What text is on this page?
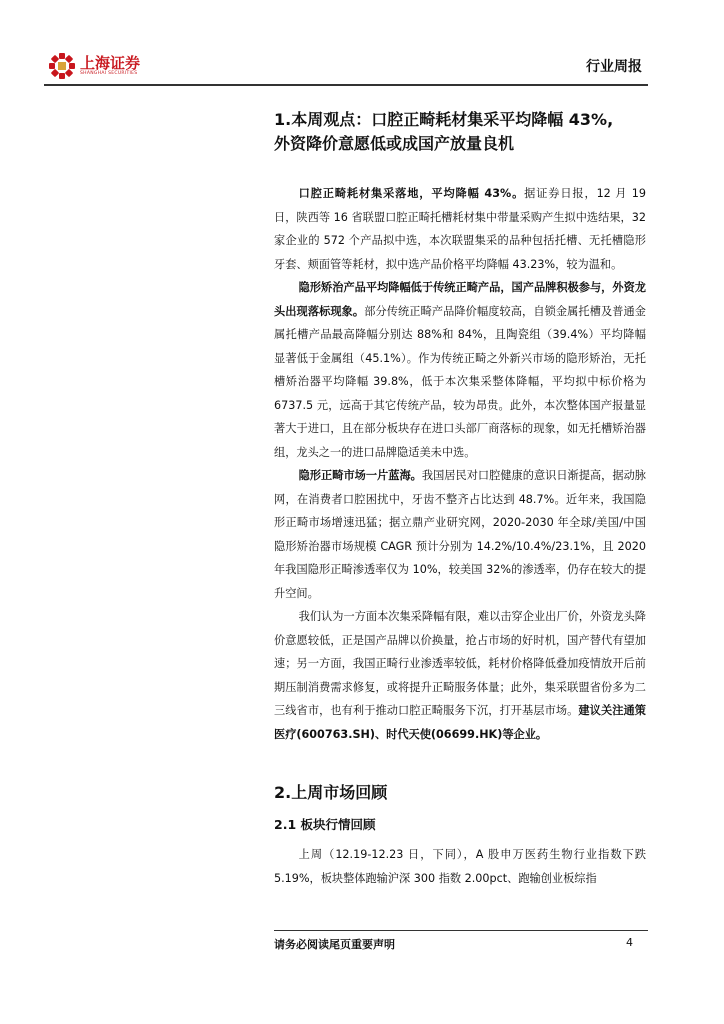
上海证券
SHANGHAI SECURITIES	行业周报
1.本周观点：口腔正畸耗材集采平均降幅 43%,
外资降价意愿低或成国产放量良机

口腔正畸耗材集采落地，平均降幅 43%。据证券日报，12 月 19 日，陕西等 16 省联盟口腔正畸托槽耗材集中带量采购产生拟中选结果，32 家企业的 572 个产品拟中选，本次联盟集采的品种包括托槽、无托槽隐形牙套、颊面管等耗材，拟中选产品价格平均降幅 43.23%，较为温和。

隐形矫治产品平均降幅低于传统正畸产品，国产品牌积极参与，外资龙头出现落标现象。部分传统正畸产品降价幅度较高，自锁金属托槽及普通金属托槽产品最高降幅分别达 88%和 84%，且陶瓷组（39.4%）平均降幅显著低于金属组（45.1%）。作为传统正畸之外新兴市场的隐形矫治，无托槽矫治器平均降幅 39.8%，低于本次集采整体降幅，平均拟中标价格为 6737.5 元，远高于其它传统产品，较为昂贵。此外，本次整体国产报量显著大于进口，且在部分板块存在进口头部厂商落标的现象，如无托槽矫治器组，龙头之一的进口品牌隐适美未中选。

隐形正畸市场一片蓝海。我国居民对口腔健康的意识日渐提高，据动脉网，在消费者口腔困扰中，牙齿不整齐占比达到 48.7%。近年来，我国隐形正畸市场增速迅猛；据立鼎产业研究网，2020-2030 年全球/美国/中国隐形矫治器市场规模 CAGR 预计分别为 14.2%/10.4%/23.1%，且 2020 年我国隐形正畸渗透率仅为 10%，较美国 32%的渗透率，仍存在较大的提升空间。

我们认为一方面本次集采降幅有限，难以击穿企业出厂价，外资龙头降价意愿较低，正是国产品牌以价换量，抢占市场的好时机，国产替代有望加速；另一方面，我国正畸行业渗透率较低，耗材价格降低叠加疫情放开后前期压制消费需求修复，或将提升正畸服务体量；此外，集采联盟省份多为二三线省市，也有利于推动口腔正畸服务下沉，打开基层市场。建议关注通策医疗(600763.SH)、时代天使(06699.HK)等企业。

2.上周市场回顾
2.1 板块行情回顾

上周（12.19-12.23 日，下同），A 股申万医药生物行业指数下跌 5.19%，板块整体跑输沪深 300 指数 2.00pct、跑输创业板综指

请务必阅读尾页重要声明	4
